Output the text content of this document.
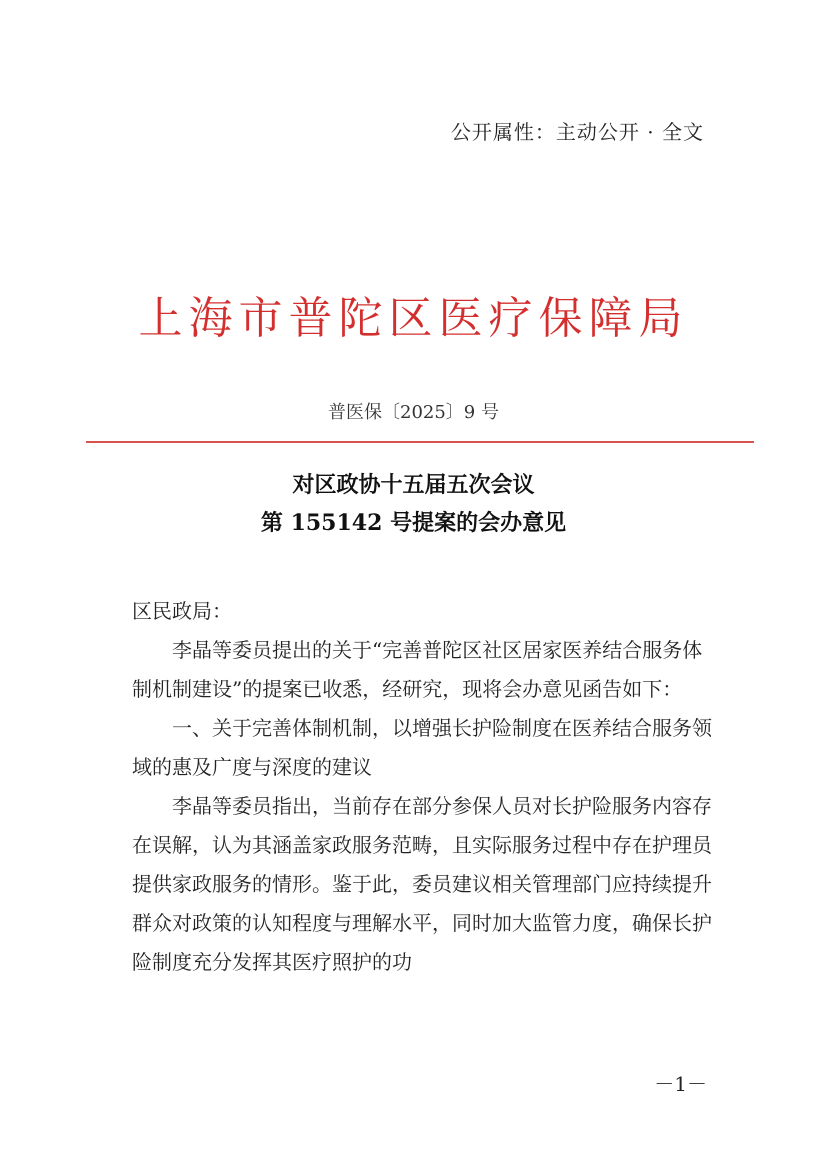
公开属性：主动公开 · 全文
上海市普陀区医疗保障局
普医保〔2025〕9 号
对区政协十五届五次会议
第 155142 号提案的会办意见

区民政局：

李晶等委员提出的关于“完善普陀区社区居家医养结合服务体制机制建设”的提案已收悉，经研究，现将会办意见函告如下：

一、关于完善体制机制，以增强长护险制度在医养结合服务领域的惠及广度与深度的建议

李晶等委员指出，当前存在部分参保人员对长护险服务内容存在误解，认为其涵盖家政服务范畴，且实际服务过程中存在护理员提供家政服务的情形。鉴于此，委员建议相关管理部门应持续提升群众对政策的认知程度与理解水平，同时加大监管力度，确保长护险制度充分发挥其医疗照护的功

－1－
